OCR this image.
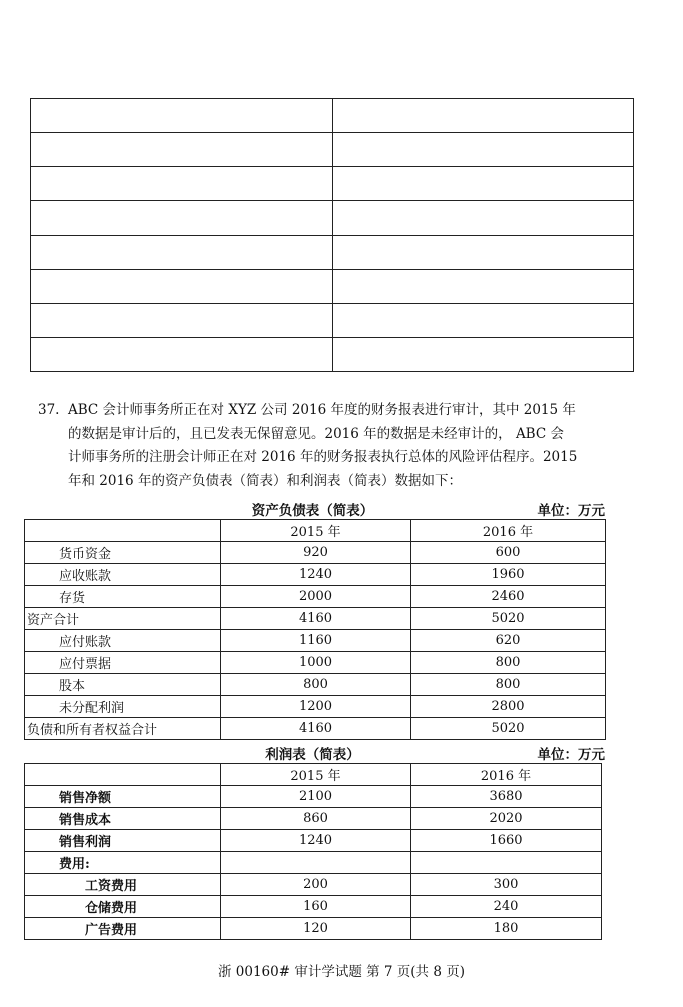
37. ABC 会计师事务所正在对 XYZ 公司 2016 年度的财务报表进行审计，其中 2015 年
的数据是审计后的，且已发表无保留意见。2016 年的数据是未经审计的， ABC 会
计师事务所的注册会计师正在对 2016 年的财务报表执行总体的风险评估程序。2015
年和 2016 年的资产负债表（简表）和利润表（简表）数据如下：
资产负债表（简表）	单位：万元
	2015 年	2016 年
货币资金	920	600
应收账款	1240	1960
存货	2000	2460
资产合计	4160	5020
应付账款	1160	620
应付票据	1000	800
股本	800	800
未分配利润	1200	2800
负债和所有者权益合计	4160	5020
利润表（简表）	单位：万元
	2015 年	2016 年
销售净额	2100	3680
销售成本	860	2020
销售利润	1240	1660
费用:		
工资费用	200	300
仓储费用	160	240
广告费用	120	180
浙 00160# 审计学试题 第 7 页(共 8 页)
